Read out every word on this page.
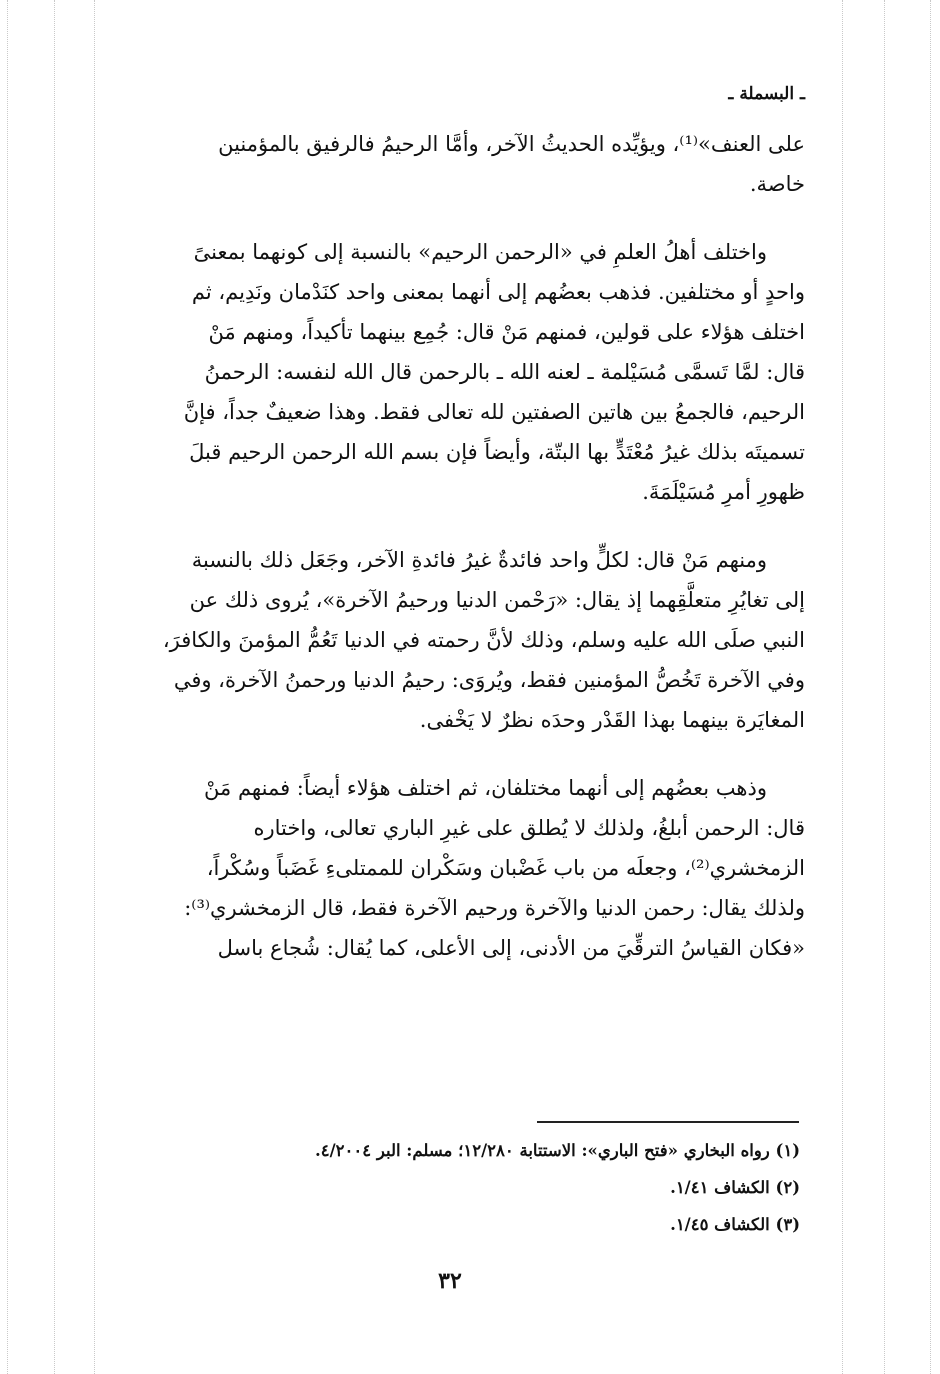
ـ البسملة ـ
على العنف»⁽¹⁾، ويؤيِّده الحديثُ الآخر، وأمَّا الرحيمُ فالرفيق بالمؤمنين
خاصة.
واختلف أهلُ العلمِ في «الرحمن الرحيم» بالنسبة إلى كونهما بمعنىً
واحدٍ أو مختلفين. فذهب بعضُهم إلى أنهما بمعنى واحد كنَدْمان ونَدِيم، ثم
اختلف هؤلاء على قولين، فمنهم مَنْ قال: جُمِع بينهما تأكيداً، ومنهم مَنْ
قال: لمَّا تَسمَّى مُسَيْلمة ـ لعنه الله ـ بالرحمن قال الله لنفسه: الرحمنُ
الرحيم، فالجمعُ بين هاتين الصفتين لله تعالى فقط. وهذا ضعيفٌ جداً، فإنَّ
تسميتَه بذلك غيرُ مُعْتَدٍّ بها البتّة، وأيضاً فإن بسم الله الرحمن الرحيم قبلَ
ظهورِ أمرِ مُسَيْلَمَةَ.
ومنهم مَنْ قال: لكلٍّ واحد فائدةٌ غيرُ فائدةِ الآخر، وجَعَل ذلك بالنسبة
إلى تغايُرِ متعلَّقِهما إذ يقال: «رَحْمن الدنيا ورحيمُ الآخرة»، يُروى ذلك عن
النبي صلَى الله عليه وسلم، وذلك لأنَّ رحمته في الدنيا تَعُمُّ المؤمنَ والكافرَ،
وفي الآخرة تَخُصُّ المؤمنين فقط، ويُروَى: رحيمُ الدنيا ورحمنُ الآخرة، وفي
المغايَرة بينهما بهذا القَدْر وحدَه نظرٌ لا يَخْفى.
وذهب بعضُهم إلى أنهما مختلفان، ثم اختلف هؤلاء أيضاً: فمنهم مَنْ
قال: الرحمن أبلغُ، ولذلك لا يُطلق على غيرِ الباري تعالى، واختاره
الزمخشري⁽²⁾، وجعلَه من باب غَضْبان وسَكْران للممتلىءِ غَضَباً وسُكْراً،
ولذلك يقال: رحمن الدنيا والآخرة ورحيم الآخرة فقط، قال الزمخشري⁽³⁾:
«فكان القياسُ الترقِّيَ من الأدنى، إلى الأعلى، كما يُقال: شُجاع باسل
(١) رواه البخاري «فتح الباري»: الاستتابة ١٢/٢٨٠؛ مسلم: البر ٤/٢٠٠٤.
(٢) الكشاف ١/٤١.
(٣) الكشاف ١/٤٥.
٣٢
